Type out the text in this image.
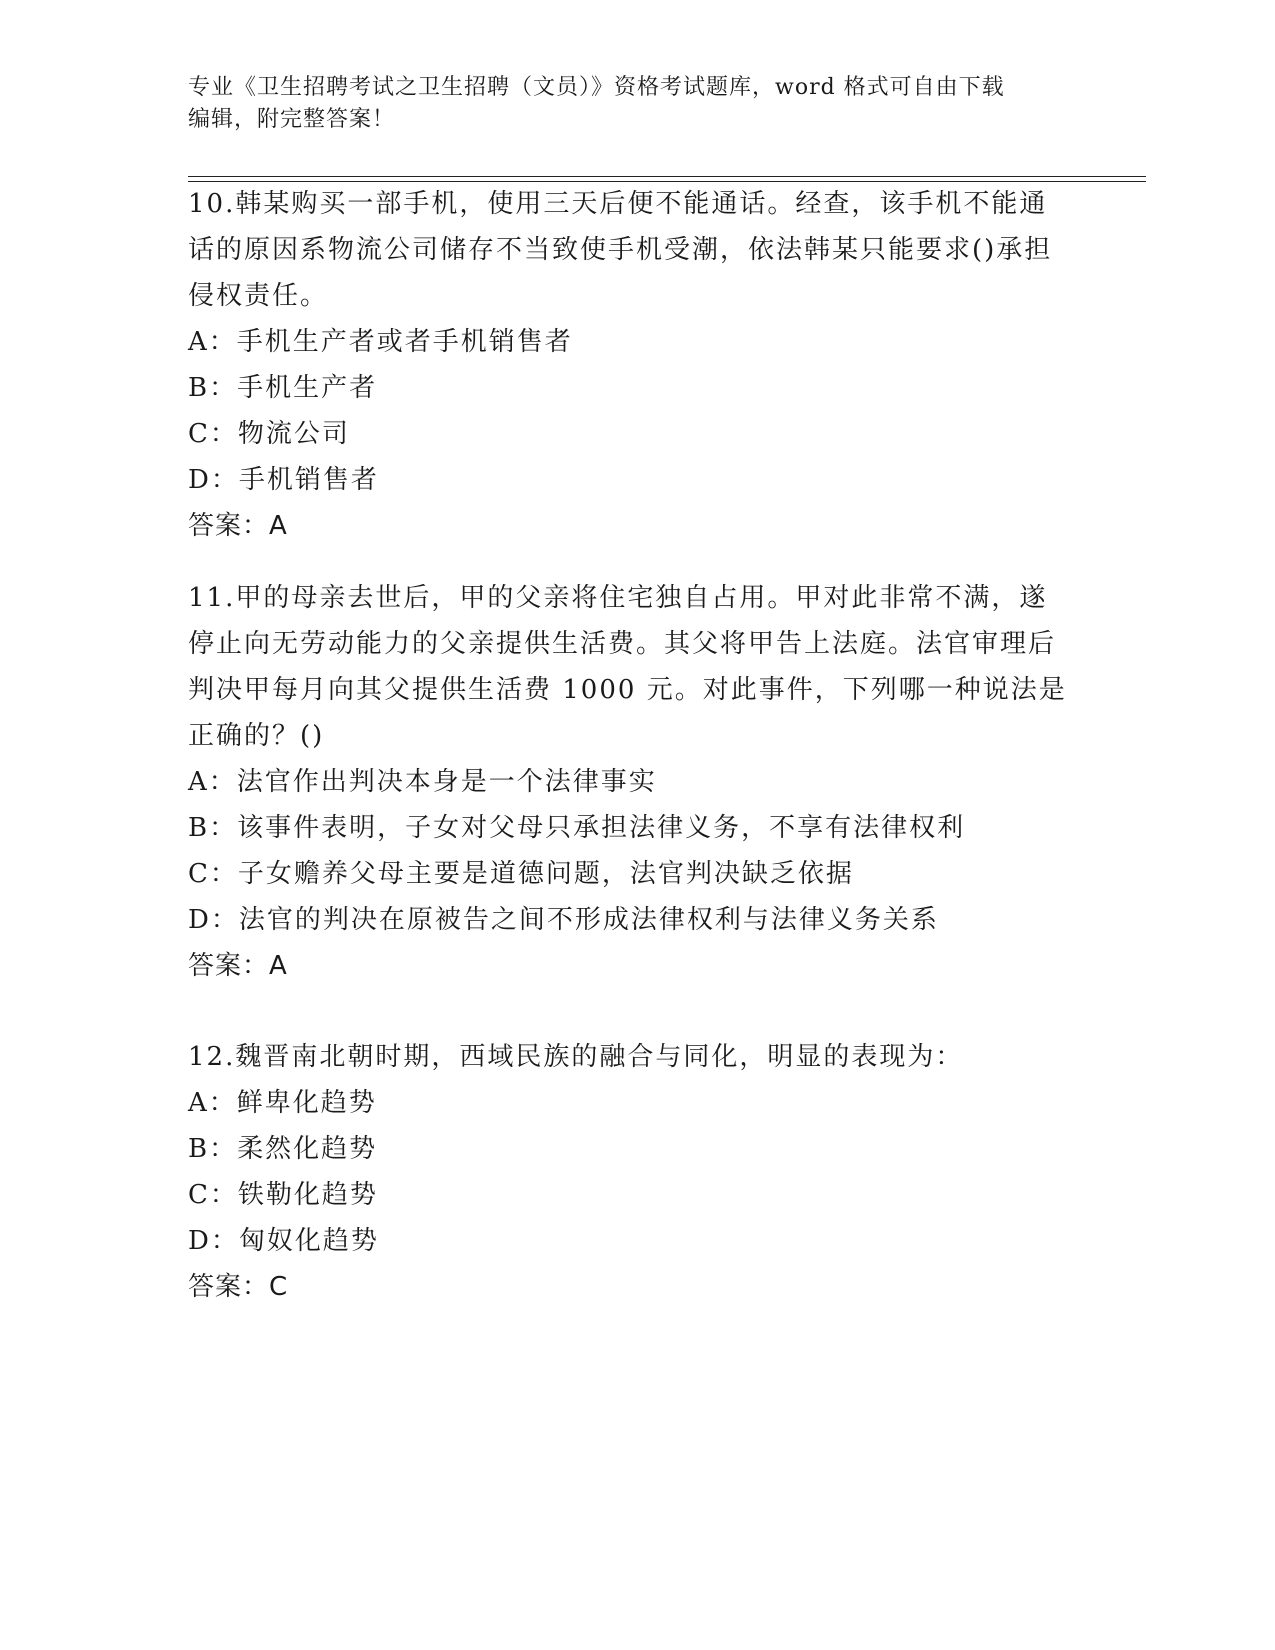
专业《卫生招聘考试之卫生招聘（文员）》资格考试题库，word 格式可自由下载
编辑，附完整答案！
10.韩某购买一部手机，使用三天后便不能通话。经查，该手机不能通话的原因系物流公司储存不当致使手机受潮，依法韩某只能要求()承担侵权责任。
A：手机生产者或者手机销售者
B：手机生产者
C：物流公司
D：手机销售者
答案：A
11.甲的母亲去世后，甲的父亲将住宅独自占用。甲对此非常不满，遂停止向无劳动能力的父亲提供生活费。其父将甲告上法庭。法官审理后判决甲每月向其父提供生活费 1000 元。对此事件，下列哪一种说法是正确的？()
A：法官作出判决本身是一个法律事实
B：该事件表明，子女对父母只承担法律义务，不享有法律权利
C：子女赡养父母主要是道德问题，法官判决缺乏依据
D：法官的判决在原被告之间不形成法律权利与法律义务关系
答案：A
12.魏晋南北朝时期，西域民族的融合与同化，明显的表现为：
A：鲜卑化趋势
B：柔然化趋势
C：铁勒化趋势
D：匈奴化趋势
答案：C
